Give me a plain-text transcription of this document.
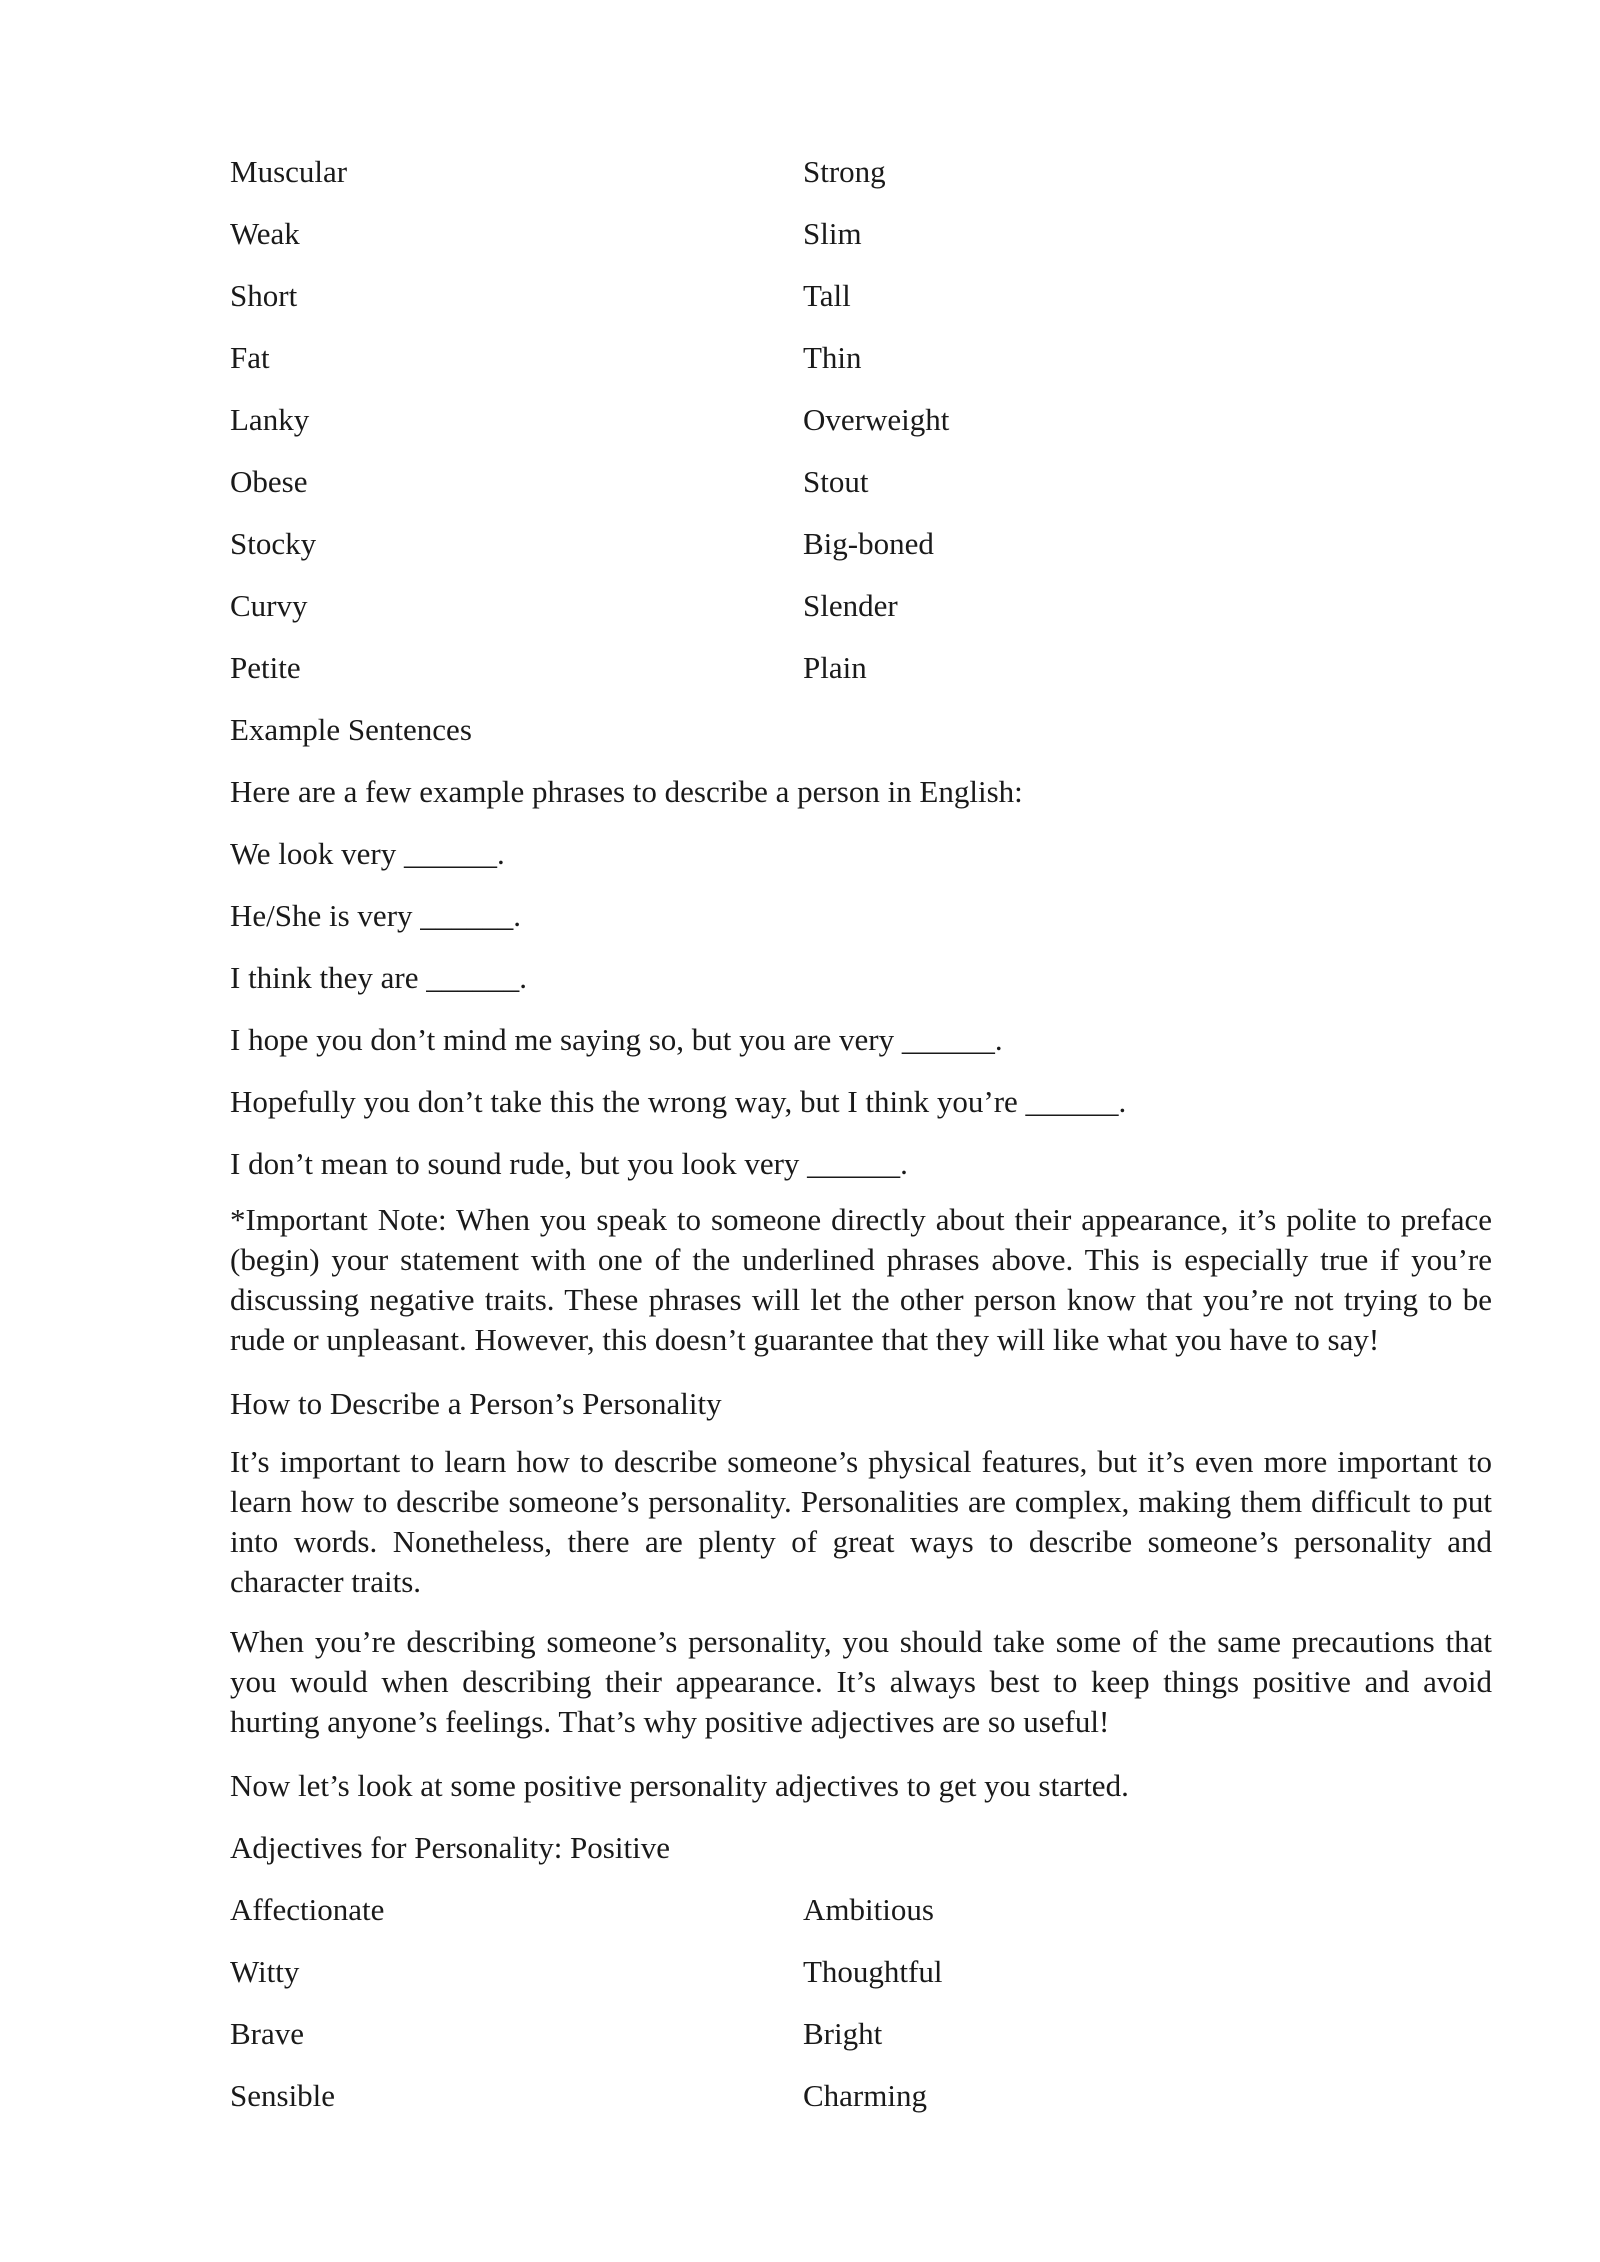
Muscular	Strong
Weak	Slim
Short	Tall
Fat	Thin
Lanky	Overweight
Obese	Stout
Stocky	Big-boned
Curvy	Slender
Petite	Plain
Example Sentences
Here are a few example phrases to describe a person in English:
We look very ______.
He/She is very ______.
I think they are ______.
I hope you don’t mind me saying so, but you are very ______.
Hopefully you don’t take this the wrong way, but I think you’re ______.
I don’t mean to sound rude, but you look very ______.

*Important Note: When you speak to someone directly about their appearance, it’s polite to preface (begin) your statement with one of the underlined phrases above. This is especially true if you’re discussing negative traits. These phrases will let the other person know that you’re not trying to be rude or unpleasant. However, this doesn’t guarantee that they will like what you have to say!

How to Describe a Person’s Personality

It’s important to learn how to describe someone’s physical features, but it’s even more important to learn how to describe someone’s personality. Personalities are complex, making them difficult to put into words. Nonetheless, there are plenty of great ways to describe someone’s personality and character traits.

When you’re describing someone’s personality, you should take some of the same precautions that you would when describing their appearance. It’s always best to keep things positive and avoid hurting anyone’s feelings. That’s why positive adjectives are so useful!

Now let’s look at some positive personality adjectives to get you started.
Adjectives for Personality: Positive
Affectionate	Ambitious
Witty	Thoughtful
Brave	Bright
Sensible	Charming
